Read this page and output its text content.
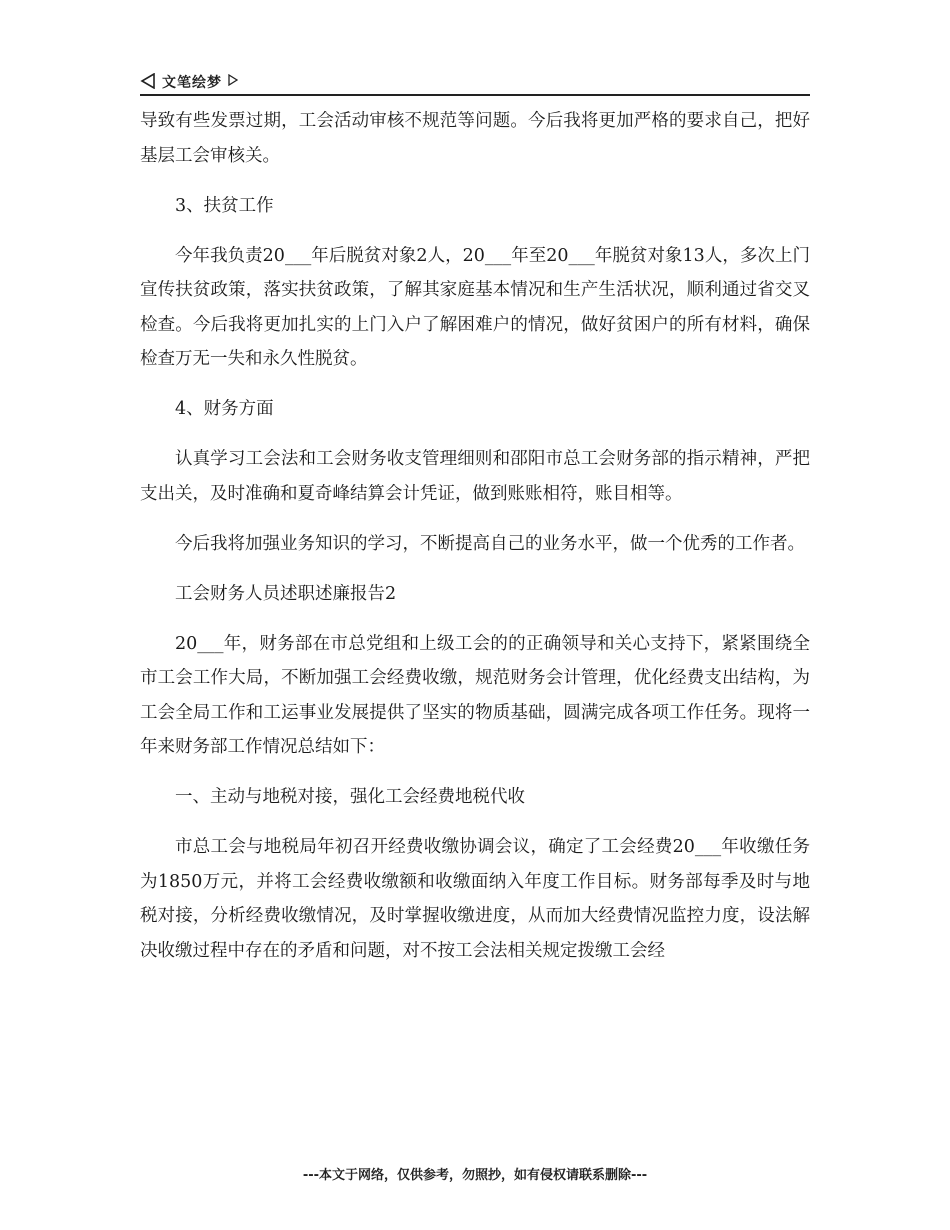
文笔绘梦

导致有些发票过期，工会活动审核不规范等问题。今后我将更加严格的要求自己，把好基层工会审核关。

3、扶贫工作

今年我负责20___年后脱贫对象2人，20___年至20___年脱贫对象13人，多次上门宣传扶贫政策，落实扶贫政策，了解其家庭基本情况和生产生活状况，顺利通过省交叉检查。今后我将更加扎实的上门入户了解困难户的情况，做好贫困户的所有材料，确保检查万无一失和永久性脱贫。

4、财务方面

认真学习工会法和工会财务收支管理细则和邵阳市总工会财务部的指示精神，严把支出关，及时准确和夏奇峰结算会计凭证，做到账账相符，账目相等。

今后我将加强业务知识的学习，不断提高自己的业务水平，做一个优秀的工作者。

工会财务人员述职述廉报告2

20___年，财务部在市总党组和上级工会的的正确领导和关心支持下，紧紧围绕全市工会工作大局，不断加强工会经费收缴，规范财务会计管理，优化经费支出结构，为工会全局工作和工运事业发展提供了坚实的物质基础，圆满完成各项工作任务。现将一年来财务部工作情况总结如下：

一、主动与地税对接，强化工会经费地税代收

市总工会与地税局年初召开经费收缴协调会议，确定了工会经费20___年收缴任务为1850万元，并将工会经费收缴额和收缴面纳入年度工作目标。财务部每季及时与地税对接，分析经费收缴情况，及时掌握收缴进度，从而加大经费情况监控力度，设法解决收缴过程中存在的矛盾和问题，对不按工会法相关规定拨缴工会经

---本文于网络，仅供参考，勿照抄，如有侵权请联系删除---
